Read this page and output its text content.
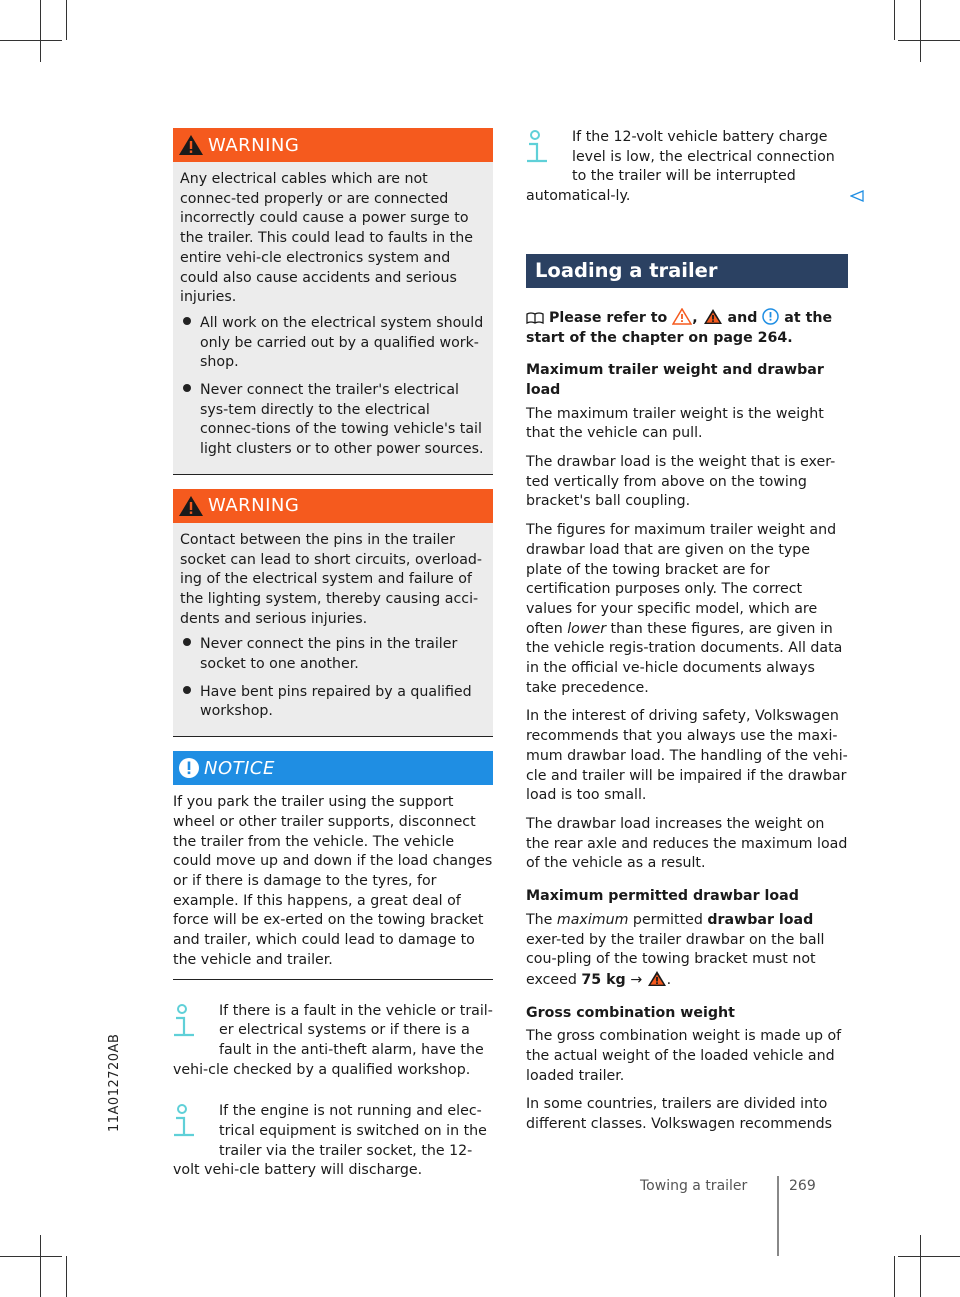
11A012720AB
WARNING

Any electrical cables which are not connec-ted properly or are connected incorrectly could cause a power surge to the trailer. This could lead to faults in the entire vehi-cle electronics system and could also cause accidents and serious injuries.

All work on the electrical system should only be carried out by a qualified work-shop.
Never connect the trailer's electrical sys-tem directly to the electrical connec-tions of the towing vehicle's tail light clusters or to other power sources.
WARNING

Contact between the pins in the trailer socket can lead to short circuits, overload-ing of the electrical system and failure of the lighting system, thereby causing acci-dents and serious injuries.

Never connect the pins in the trailer socket to one another.
Have bent pins repaired by a qualified workshop.
NOTICE

If you park the trailer using the support wheel or other trailer supports, disconnect the trailer from the vehicle. The vehicle could move up and down if the load changes or if there is damage to the tyres, for example. If this happens, a great deal of force will be ex-erted on the towing bracket and trailer, which could lead to damage to the vehicle and trailer.

If there is a fault in the vehicle or trail-er electrical systems or if there is a fault in the anti-theft alarm, have the vehi-cle checked by a qualified workshop.

If the engine is not running and elec-trical equipment is switched on in the trailer via the trailer socket, the 12-volt vehi-cle battery will discharge.

If the 12-volt vehicle battery charge level is low, the electrical connection to the trailer will be interrupted automatical-ly.

Loading a trailer

Please refer to ,  and at the start of the chapter on page 264.

Maximum trailer weight and drawbar load

The maximum trailer weight is the weight that the vehicle can pull.

The drawbar load is the weight that is exer-ted vertically from above on the towing bracket's ball coupling.

The figures for maximum trailer weight and drawbar load that are given on the type plate of the towing bracket are for certification purposes only. The correct values for your specific model, which are often lower than these figures, are given in the vehicle regis-tration documents. All data in the official ve-hicle documents always take precedence.

In the interest of driving safety, Volkswagen recommends that you always use the maxi-mum drawbar load. The handling of the vehi-cle and trailer will be impaired if the drawbar load is too small.

The drawbar load increases the weight on the rear axle and reduces the maximum load of the vehicle as a result.

Maximum permitted drawbar load

The maximum permitted drawbar load exer-ted by the trailer drawbar on the ball cou-pling of the towing bracket must not exceed 75 kg → .

Gross combination weight

The gross combination weight is made up of the actual weight of the loaded vehicle and loaded trailer.

In some countries, trailers are divided into different classes. Volkswagen recommends

Towing a trailer	269
